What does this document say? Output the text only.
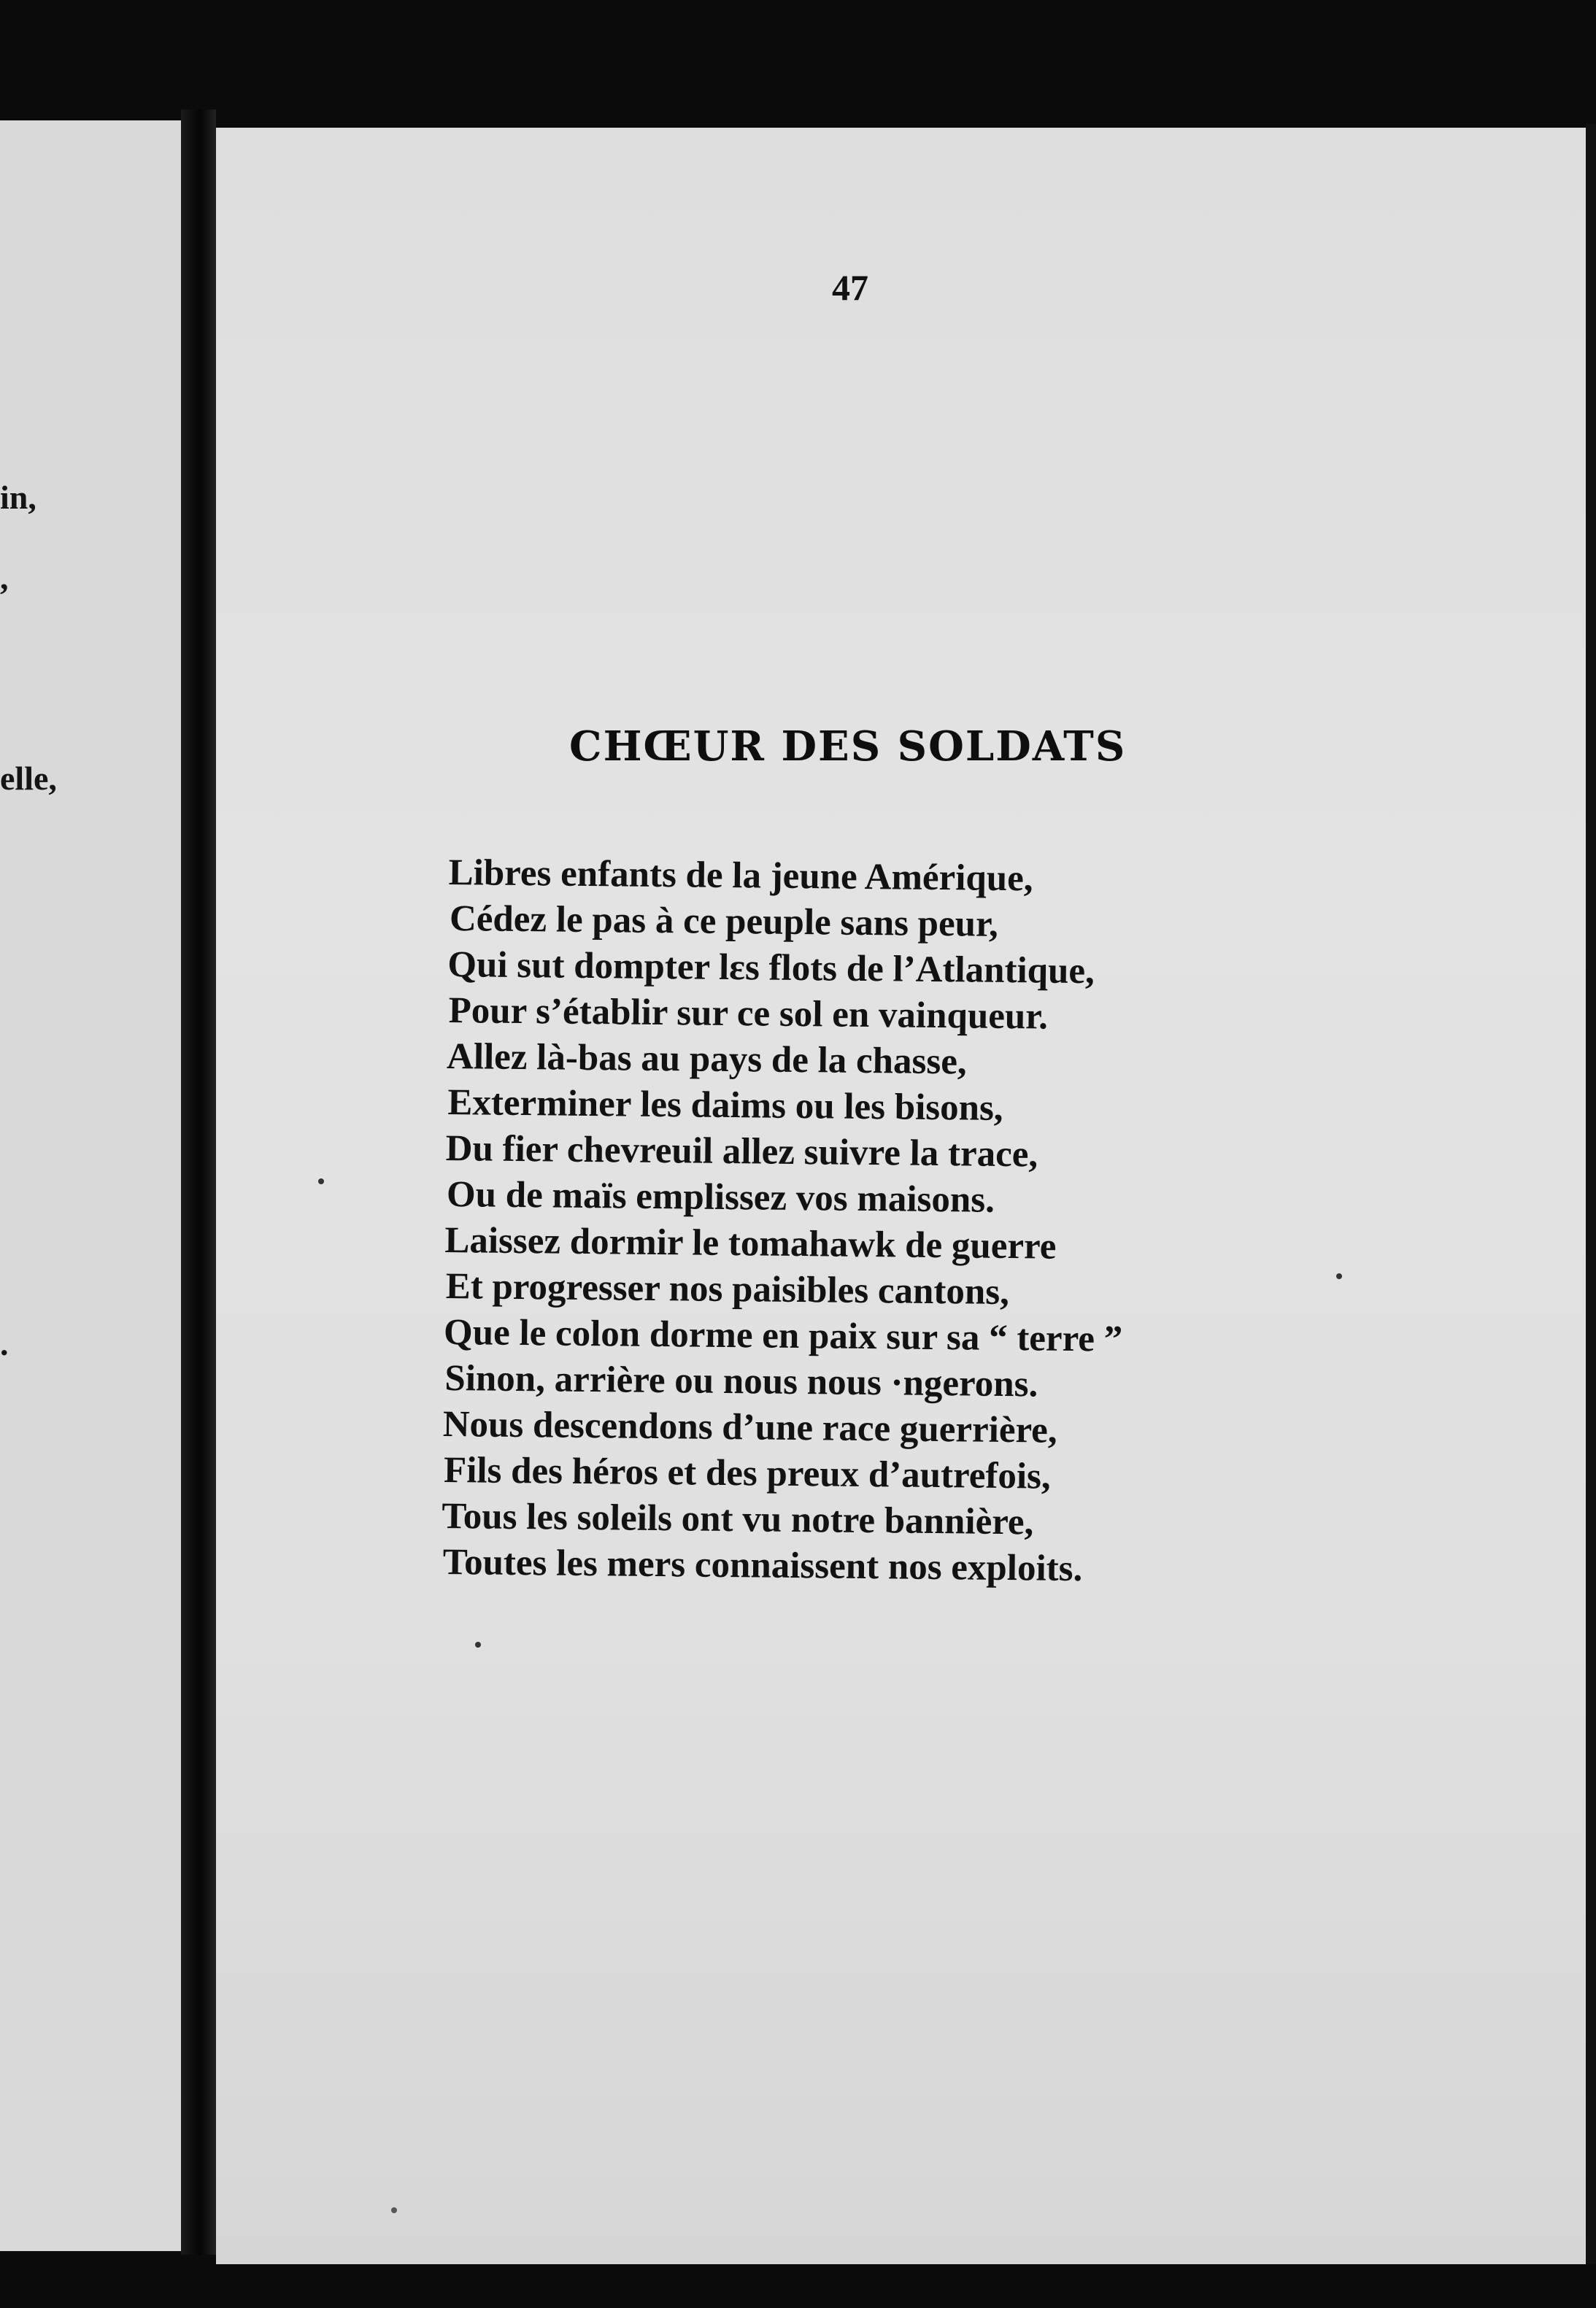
in,
,
elle,
.
47
CHŒUR DES SOLDATS
Libres enfants de la jeune Amérique,
Cédez le pas à ce peuple sans peur,
Qui sut dompter lεs flots de l’Atlantique,
Pour s’établir sur ce sol en vainqueur.
Allez là-bas au pays de la chasse,
Exterminer les daims ou les bisons,
Du fier chevreuil allez suivre la trace,
Ou de maïs emplissez vos maisons.
Laissez dormir le tomahawk de guerre
Et progresser nos paisibles cantons,
Que le colon dorme en paix sur sa “ terre ”
Sinon, arrière ou nous nous ·ngerons.
Nous descendons d’une race guerrière,
Fils des héros et des preux d’autrefois,
Tous les soleils ont vu notre bannière,
Toutes les mers connaissent nos exploits.
